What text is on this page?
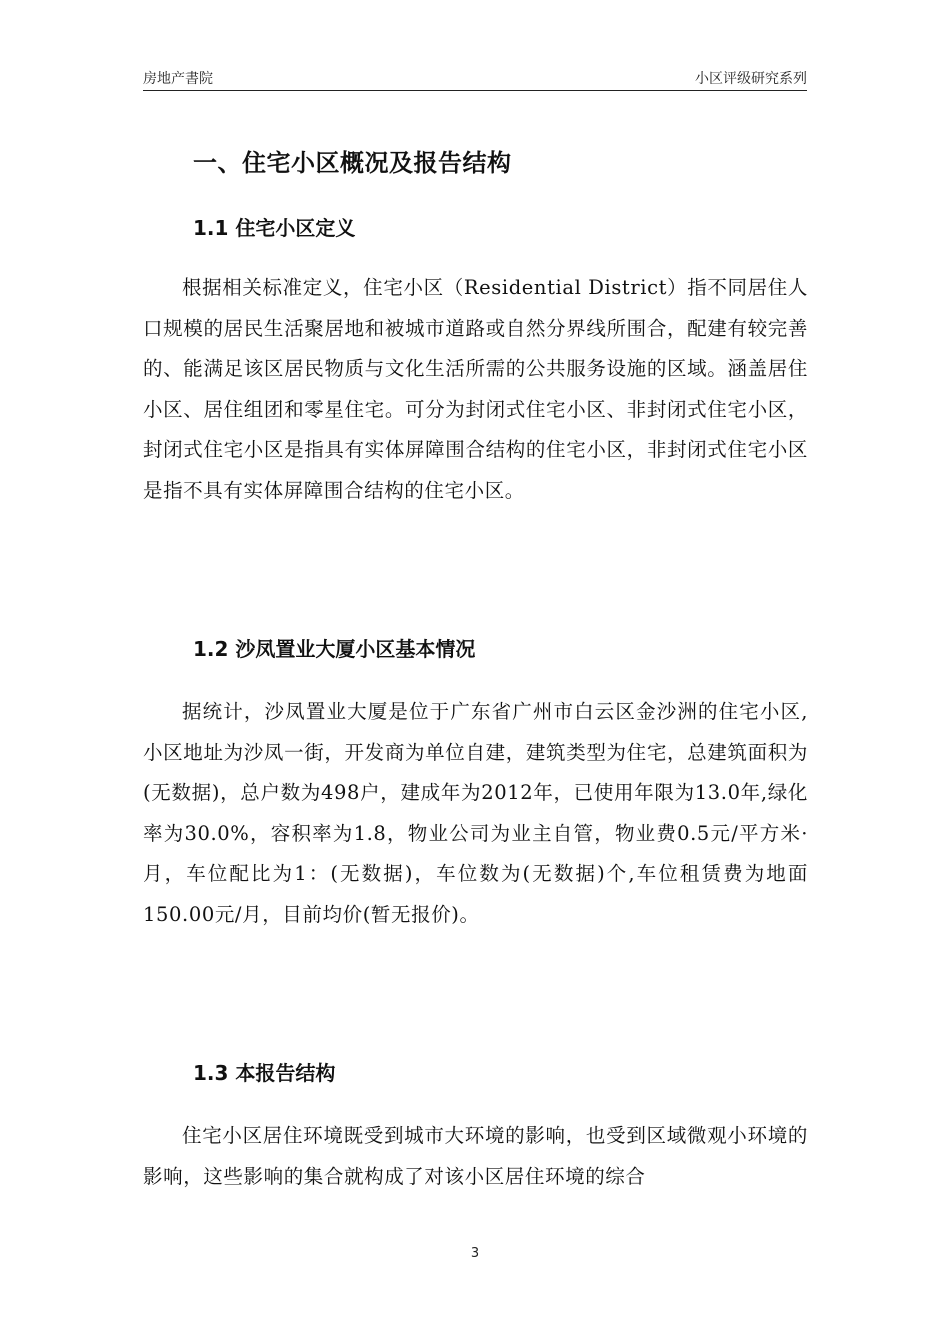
房地产書院	小区评级研究系列
一、住宅小区概况及报告结构
1.1 住宅小区定义

根据相关标准定义，住宅小区（Residential District）指不同居住人口规模的居民生活聚居地和被城市道路或自然分界线所围合，配建有较完善的、能满足该区居民物质与文化生活所需的公共服务设施的区域。涵盖居住小区、居住组团和零星住宅。可分为封闭式住宅小区、非封闭式住宅小区，封闭式住宅小区是指具有实体屏障围合结构的住宅小区，非封闭式住宅小区是指不具有实体屏障围合结构的住宅小区。

1.2 沙凤置业大厦小区基本情况

据统计，沙凤置业大厦是位于广东省广州市白云区金沙洲的住宅小区,小区地址为沙凤一街，开发商为单位自建，建筑类型为住宅，总建筑面积为(无数据)，总户数为498户，建成年为2012年，已使用年限为13.0年,绿化率为30.0%，容积率为1.8，物业公司为业主自管，物业费0.5元/平方米·月，车位配比为1：(无数据)，车位数为(无数据)个,车位租赁费为地面150.00元/月，目前均价(暂无报价)。

1.3 本报告结构

住宅小区居住环境既受到城市大环境的影响，也受到区域微观小环境的影响，这些影响的集合就构成了对该小区居住环境的综合

3
